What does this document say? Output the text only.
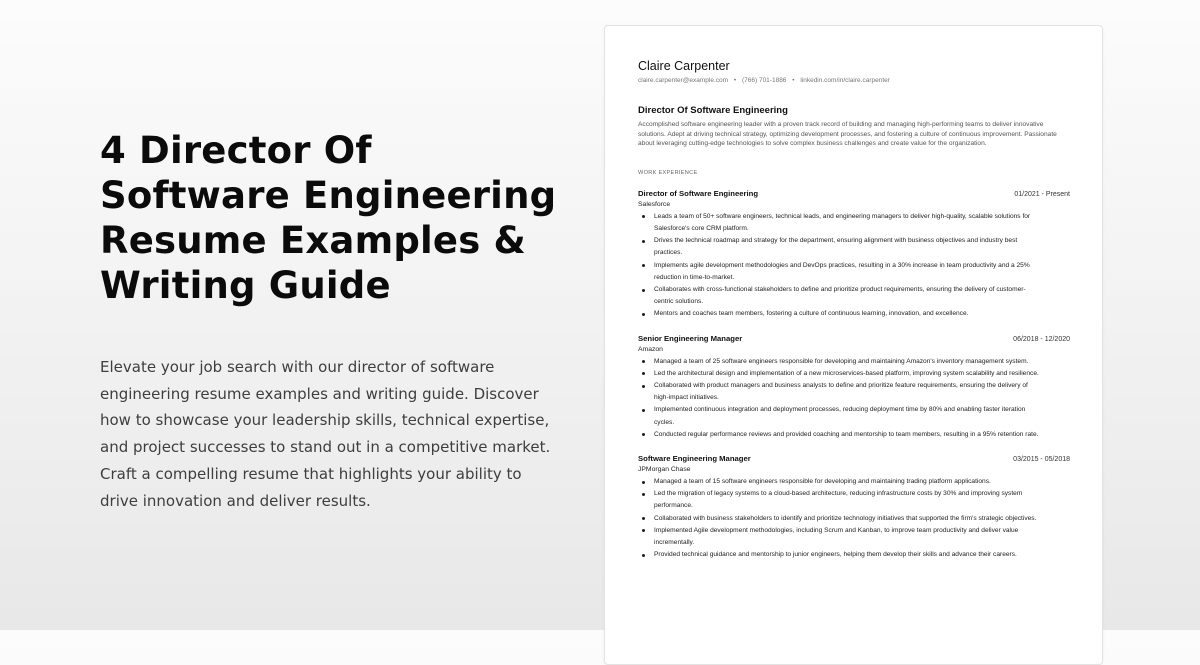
4 Director Of Software Engineering Resume Examples & Writing Guide

Elevate your job search with our director of software engineering resume examples and writing guide. Discover how to showcase your leadership skills, technical expertise, and project successes to stand out in a competitive market. Craft a compelling resume that highlights your ability to drive innovation and deliver results.

Claire Carpenter
claire.carpenter@example.com • (766) 701-1886 • linkedin.com/in/claire.carpenter
Director Of Software Engineering
Accomplished software engineering leader with a proven track record of building and managing high-performing teams to deliver innovative solutions. Adept at driving technical strategy, optimizing development processes, and fostering a culture of continuous improvement. Passionate about leveraging cutting-edge technologies to solve complex business challenges and create value for the organization.
WORK EXPERIENCE
Director of Software Engineering	01/2021 - Present
Salesforce
Leads a team of 50+ software engineers, technical leads, and engineering managers to deliver high-quality, scalable solutions for Salesforce's core CRM platform.
Drives the technical roadmap and strategy for the department, ensuring alignment with business objectives and industry best practices.
Implements agile development methodologies and DevOps practices, resulting in a 30% increase in team productivity and a 25% reduction in time-to-market.
Collaborates with cross-functional stakeholders to define and prioritize product requirements, ensuring the delivery of customer-centric solutions.
Mentors and coaches team members, fostering a culture of continuous learning, innovation, and excellence.
Senior Engineering Manager	06/2018 - 12/2020
Amazon
Managed a team of 25 software engineers responsible for developing and maintaining Amazon's inventory management system.
Led the architectural design and implementation of a new microservices-based platform, improving system scalability and resilience.
Collaborated with product managers and business analysts to define and prioritize feature requirements, ensuring the delivery of high-impact initiatives.
Implemented continuous integration and deployment processes, reducing deployment time by 80% and enabling faster iteration cycles.
Conducted regular performance reviews and provided coaching and mentorship to team members, resulting in a 95% retention rate.
Software Engineering Manager	03/2015 - 05/2018
JPMorgan Chase
Managed a team of 15 software engineers responsible for developing and maintaining trading platform applications.
Led the migration of legacy systems to a cloud-based architecture, reducing infrastructure costs by 30% and improving system performance.
Collaborated with business stakeholders to identify and prioritize technology initiatives that supported the firm's strategic objectives.
Implemented Agile development methodologies, including Scrum and Kanban, to improve team productivity and deliver value incrementally.
Provided technical guidance and mentorship to junior engineers, helping them develop their skills and advance their careers.
